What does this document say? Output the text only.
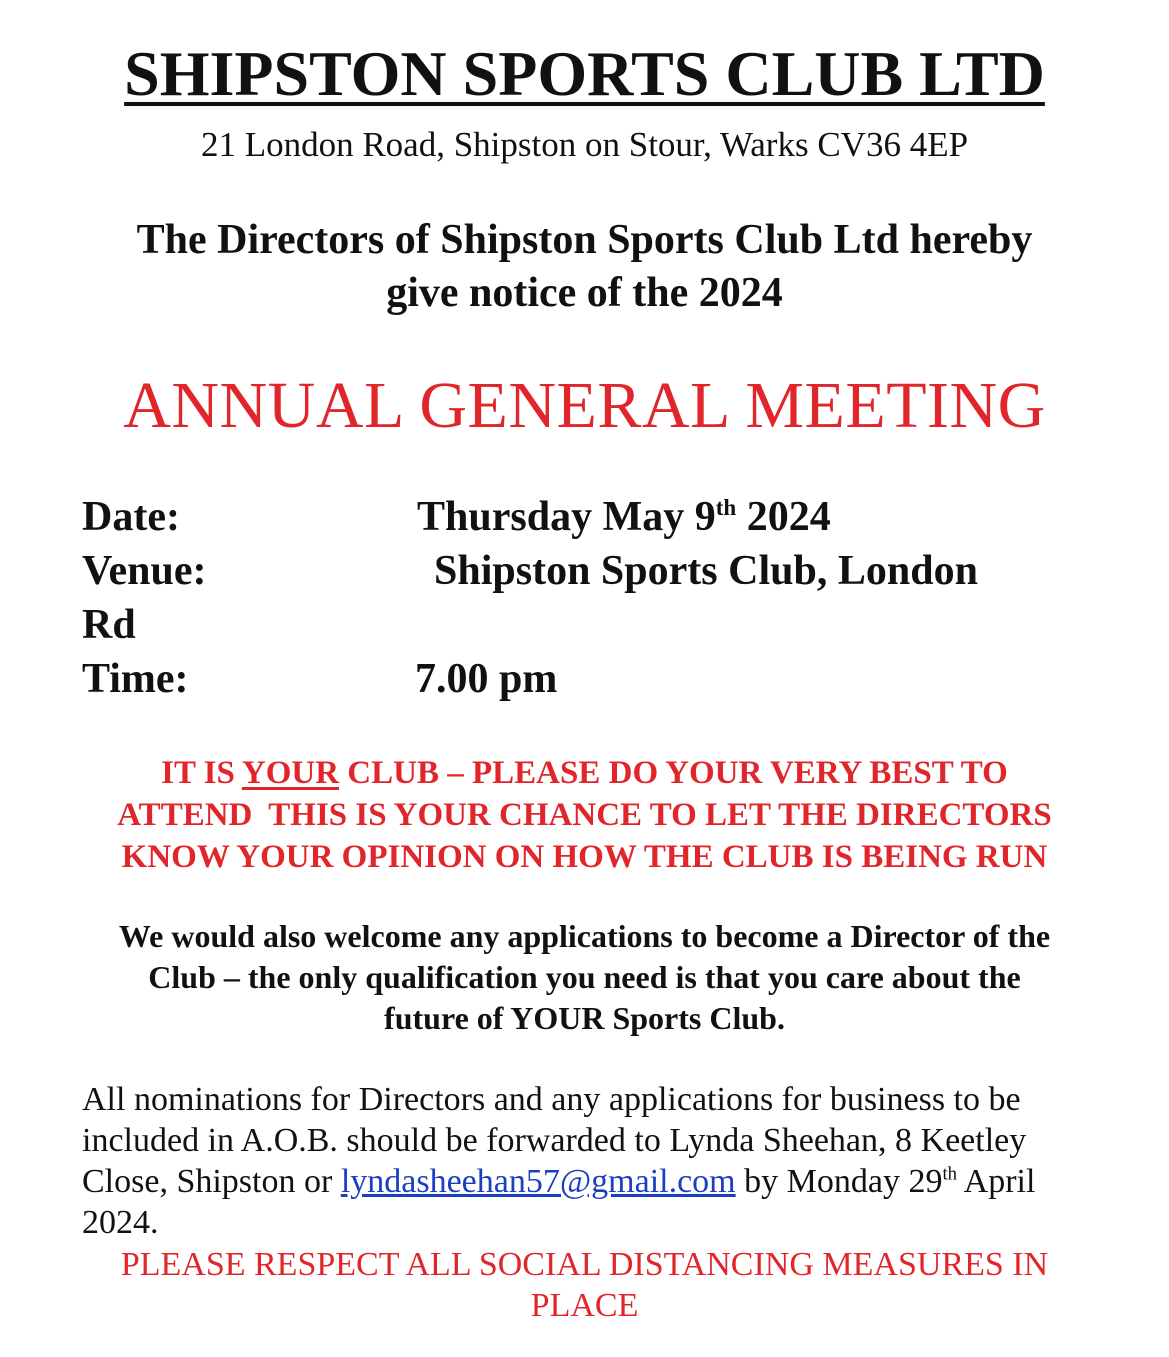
SHIPSTON SPORTS CLUB LTD
21 London Road, Shipston on Stour, Warks CV36 4EP
The Directors of Shipston Sports Club Ltd hereby
give notice of the 2024
ANNUAL GENERAL MEETING
Date:	Thursday May 9th 2024
Venue:	Shipston Sports Club, London
Rd
Time:	7.00 pm
IT IS YOUR CLUB – PLEASE DO YOUR VERY BEST TO
ATTEND  THIS IS YOUR CHANCE TO LET THE DIRECTORS
KNOW YOUR OPINION ON HOW THE CLUB IS BEING RUN
We would also welcome any applications to become a Director of the
Club – the only qualification you need is that you care about the
future of YOUR Sports Club.
All nominations for Directors and any applications for business to be included in A.O.B. should be forwarded to Lynda Sheehan, 8 Keetley Close, Shipston or lyndasheehan57@gmail.com by Monday 29th April 2024.
PLEASE RESPECT ALL SOCIAL DISTANCING MEASURES IN
PLACE
